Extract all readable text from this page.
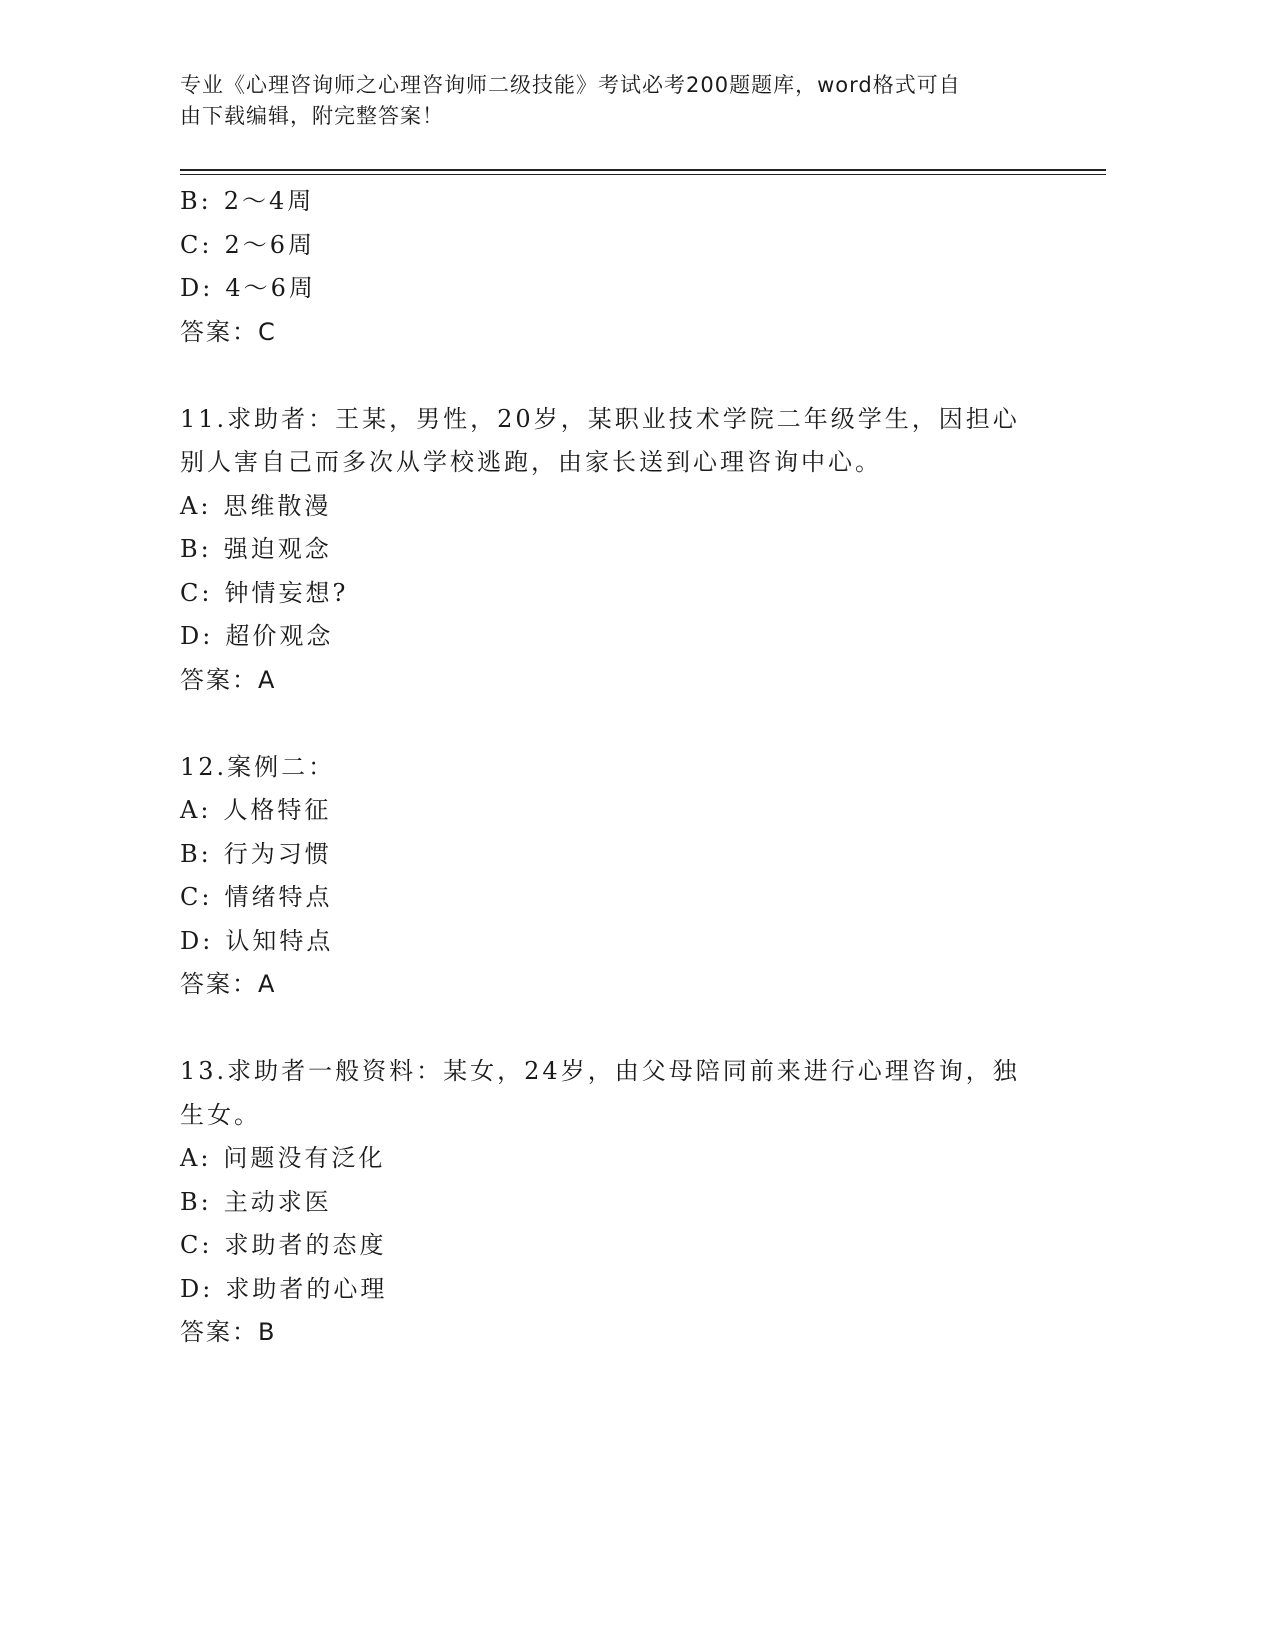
专业《心理咨询师之心理咨询师二级技能》考试必考200题题库，word格式可自
由下载编辑，附完整答案！
B: 2～4周
C: 2～6周
D: 4～6周
答案：C
11.求助者：王某，男性，20岁，某职业技术学院二年级学生，因担心别人害自己而多次从学校逃跑，由家长送到心理咨询中心。
A: 思维散漫
B: 强迫观念
C: 钟情妄想?
D: 超价观念
答案：A
12.案例二：
A: 人格特征
B: 行为习惯
C: 情绪特点
D: 认知特点
答案：A
13.求助者一般资料：某女，24岁，由父母陪同前来进行心理咨询，独生女。
A: 问题没有泛化
B: 主动求医
C: 求助者的态度
D: 求助者的心理
答案：B
